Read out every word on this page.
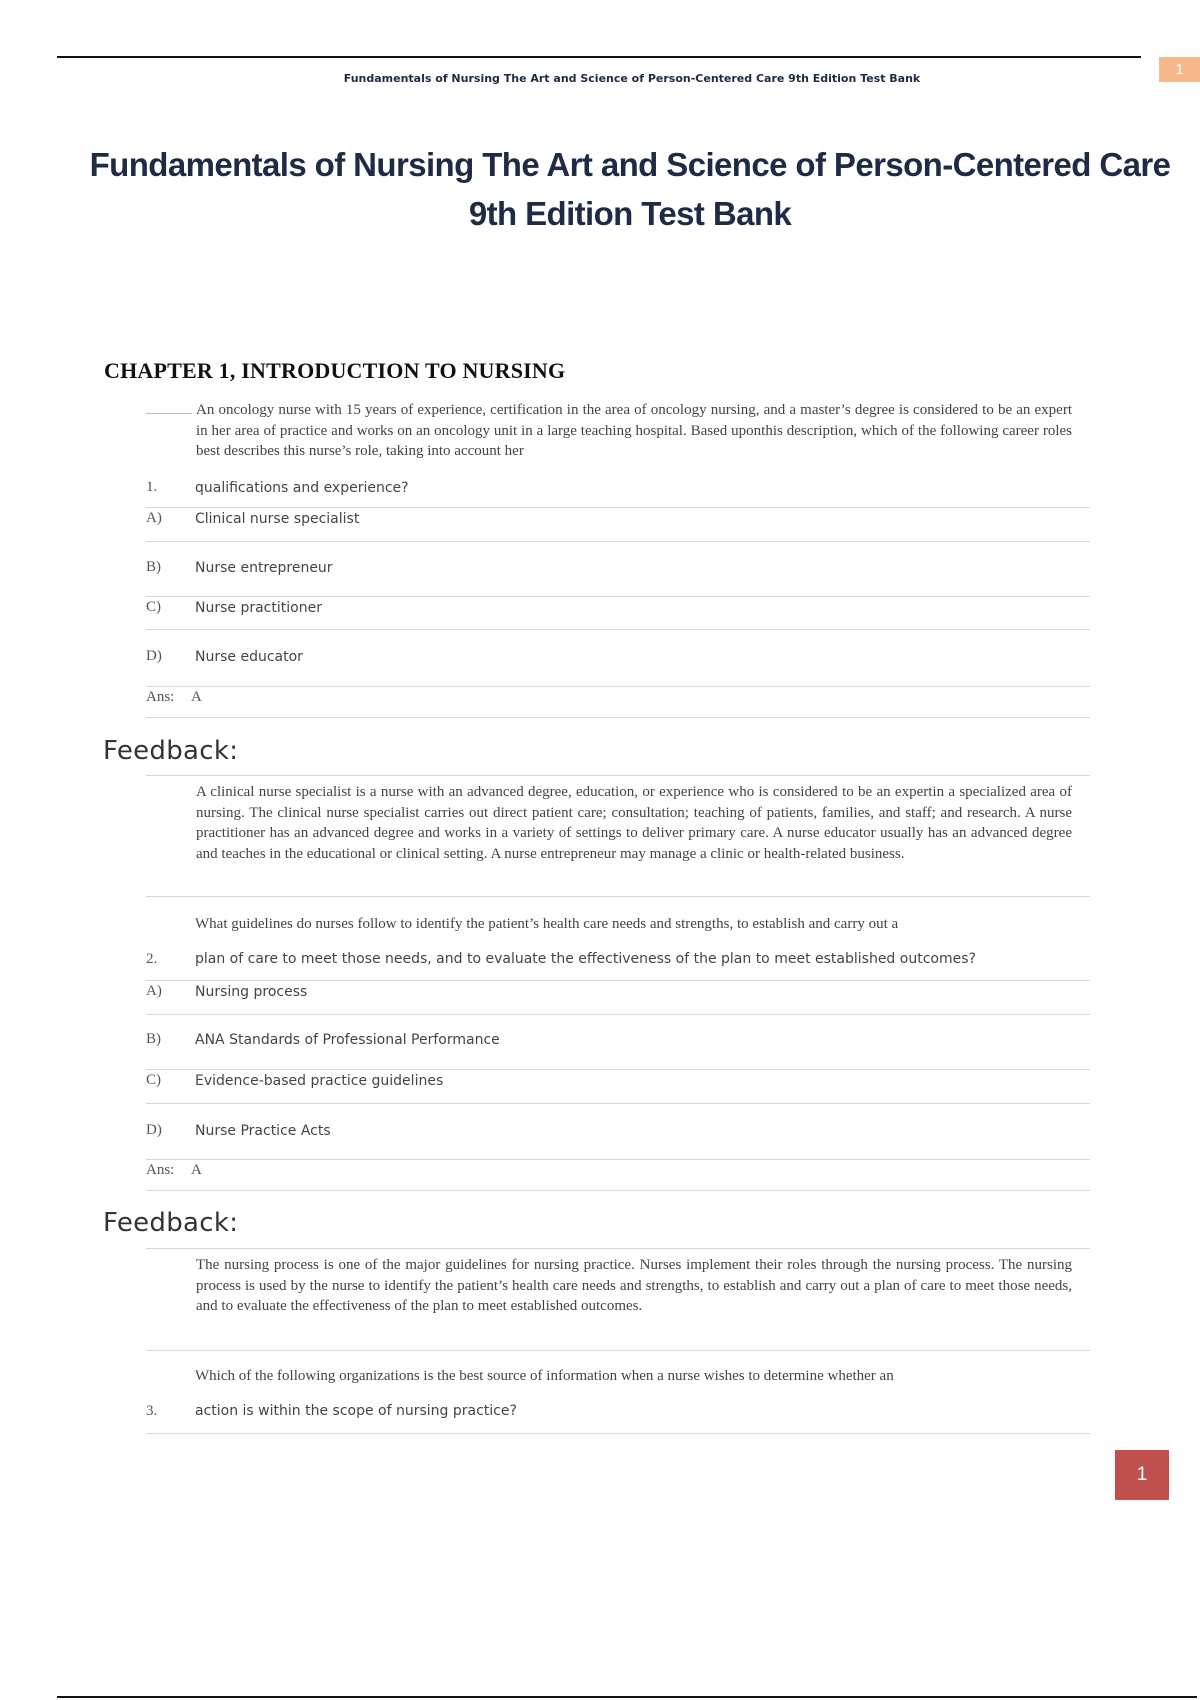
1
Fundamentals of Nursing The Art and Science of Person-Centered Care 9th Edition Test Bank
Fundamentals of Nursing The Art and Science of Person-Centered Care
9th Edition Test Bank
CHAPTER 1, INTRODUCTION TO NURSING
An oncology nurse with 15 years of experience, certification in the area of oncology nursing, and a master’s degree is considered to be an expert in her area of practice and works on an oncology unit in a large teaching hospital. Based uponthis description, which of the following career roles best describes this nurse’s role, taking into account her
1.	qualifications and experience?
A) Clinical nurse specialist
B) Nurse entrepreneur
C) Nurse practitioner
D) Nurse educator
Ans: A
Feedback:
A clinical nurse specialist is a nurse with an advanced degree, education, or experience who is considered to be an expertin a specialized area of nursing. The clinical nurse specialist carries out direct patient care; consultation; teaching of patients, families, and staff; and research. A nurse practitioner has an advanced degree and works in a variety of settings to deliver primary care. A nurse educator usually has an advanced degree and teaches in the educational or clinical setting. A nurse entrepreneur may manage a clinic or health-related business.
What guidelines do nurses follow to identify the patient’s health care needs and strengths, to establish and carry out a
2.	plan of care to meet those needs, and to evaluate the effectiveness of the plan to meet established outcomes?
A) Nursing process
B) ANA Standards of Professional Performance
C) Evidence-based practice guidelines
D) Nurse Practice Acts
Ans: A
Feedback:
The nursing process is one of the major guidelines for nursing practice. Nurses implement their roles through the nursing process. The nursing process is used by the nurse to identify the patient’s health care needs and strengths, to establish and carry out a plan of care to meet those needs, and to evaluate the effectiveness of the plan to meet established outcomes.
Which of the following organizations is the best source of information when a nurse wishes to determine whether an
3.	action is within the scope of nursing practice?
1
